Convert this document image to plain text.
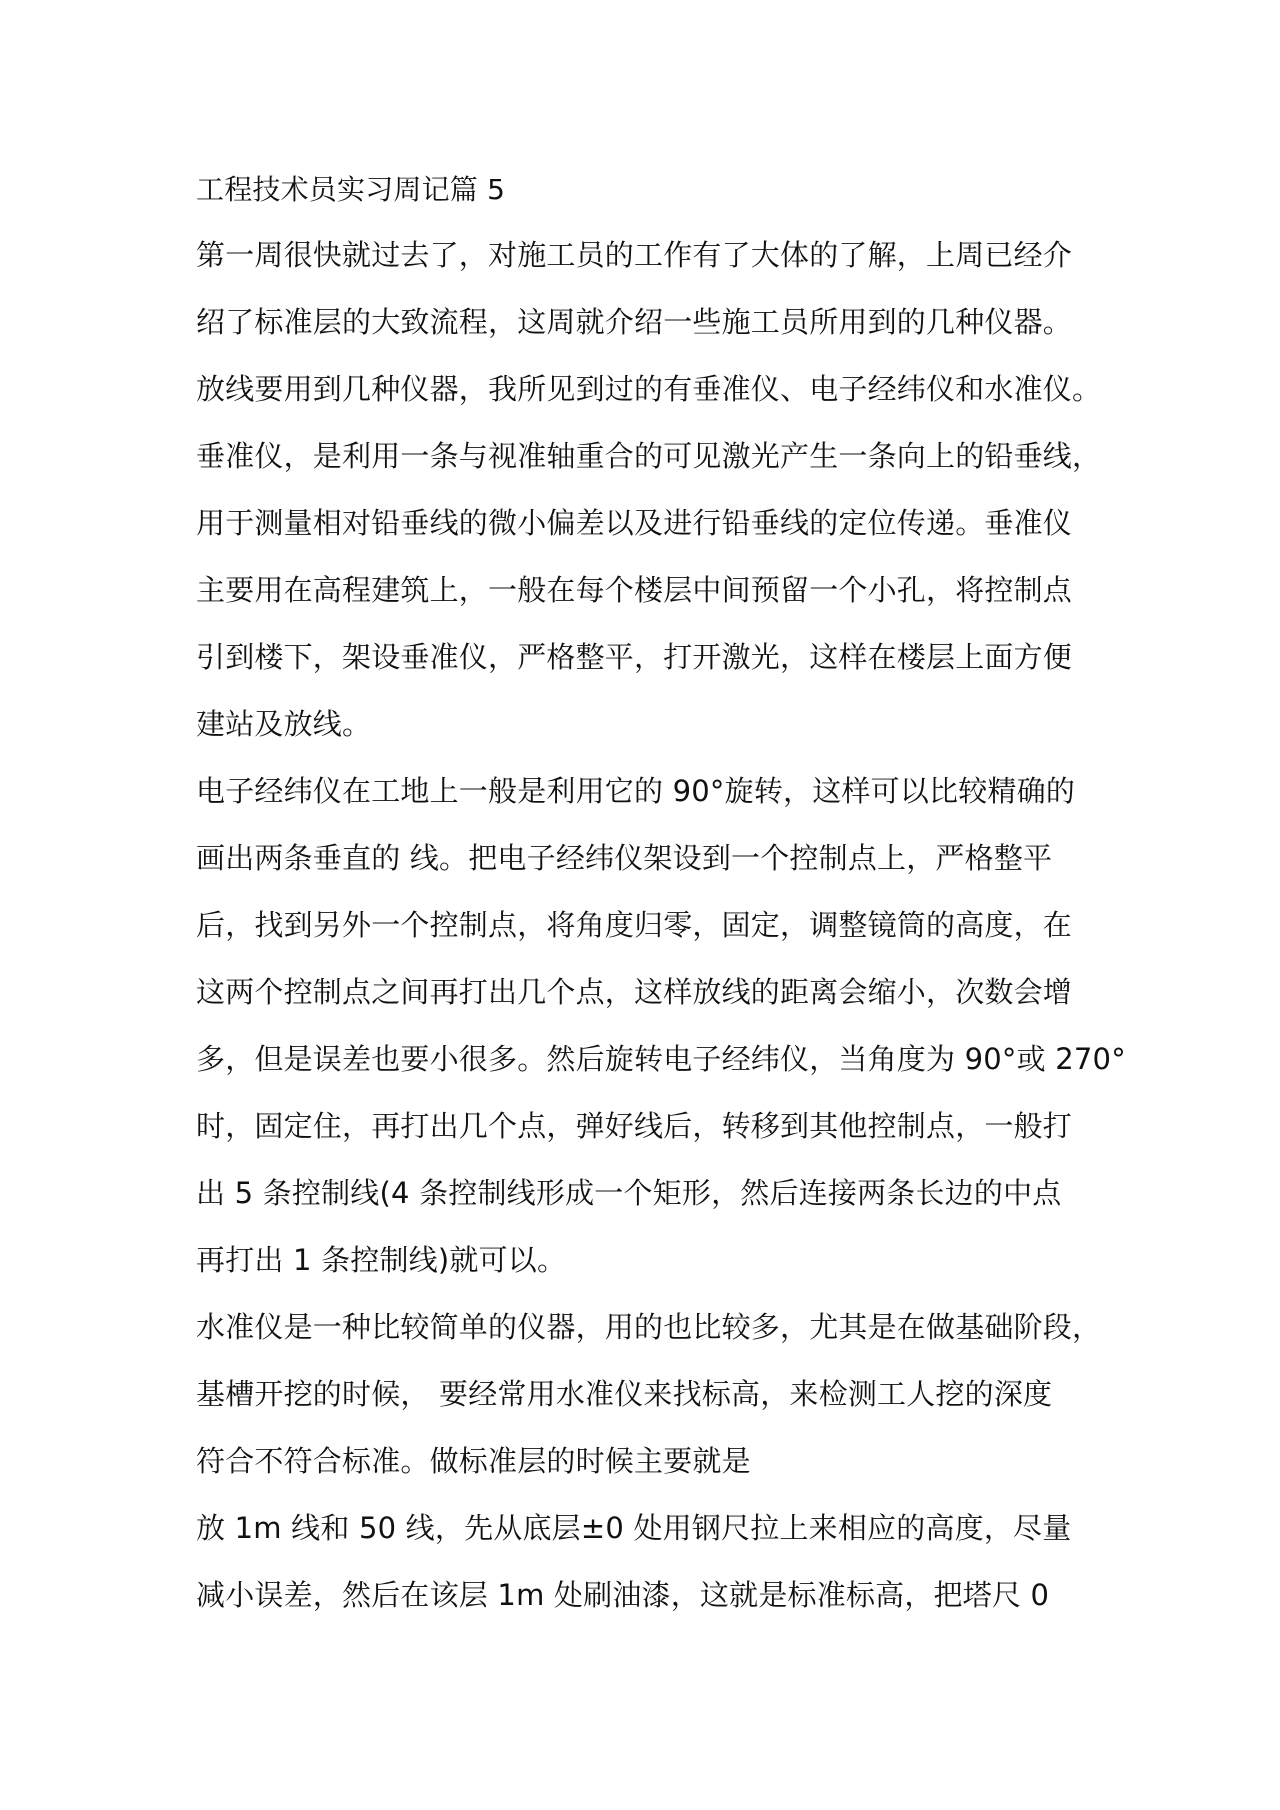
工程技术员实习周记篇 5
第一周很快就过去了，对施工员的工作有了大体的了解，上周已经介
绍了标准层的大致流程，这周就介绍一些施工员所用到的几种仪器。
放线要用到几种仪器，我所见到过的有垂准仪、电子经纬仪和水准仪。
垂准仪，是利用一条与视准轴重合的可见激光产生一条向上的铅垂线，
用于测量相对铅垂线的微小偏差以及进行铅垂线的定位传递。垂准仪
主要用在高程建筑上，一般在每个楼层中间预留一个小孔，将控制点
引到楼下，架设垂准仪，严格整平，打开激光，这样在楼层上面方便
建站及放线。
电子经纬仪在工地上一般是利用它的 90°旋转，这样可以比较精确的
画出两条垂直的 线。把电子经纬仪架设到一个控制点上，严格整平
后，找到另外一个控制点，将角度归零，固定，调整镜筒的高度，在
这两个控制点之间再打出几个点，这样放线的距离会缩小，次数会增
多，但是误差也要小很多。然后旋转电子经纬仪，当角度为 90°或 270°
时，固定住，再打出几个点，弹好线后，转移到其他控制点，一般打
出 5 条控制线(4 条控制线形成一个矩形，然后连接两条长边的中点
再打出 1 条控制线)就可以。
水准仪是一种比较简单的仪器，用的也比较多，尤其是在做基础阶段，
基槽开挖的时候， 要经常用水准仪来找标高，来检测工人挖的深度
符合不符合标准。做标准层的时候主要就是
放 1m 线和 50 线，先从底层±0 处用钢尺拉上来相应的高度，尽量
减小误差，然后在该层 1m 处刷油漆，这就是标准标高，把塔尺 0
